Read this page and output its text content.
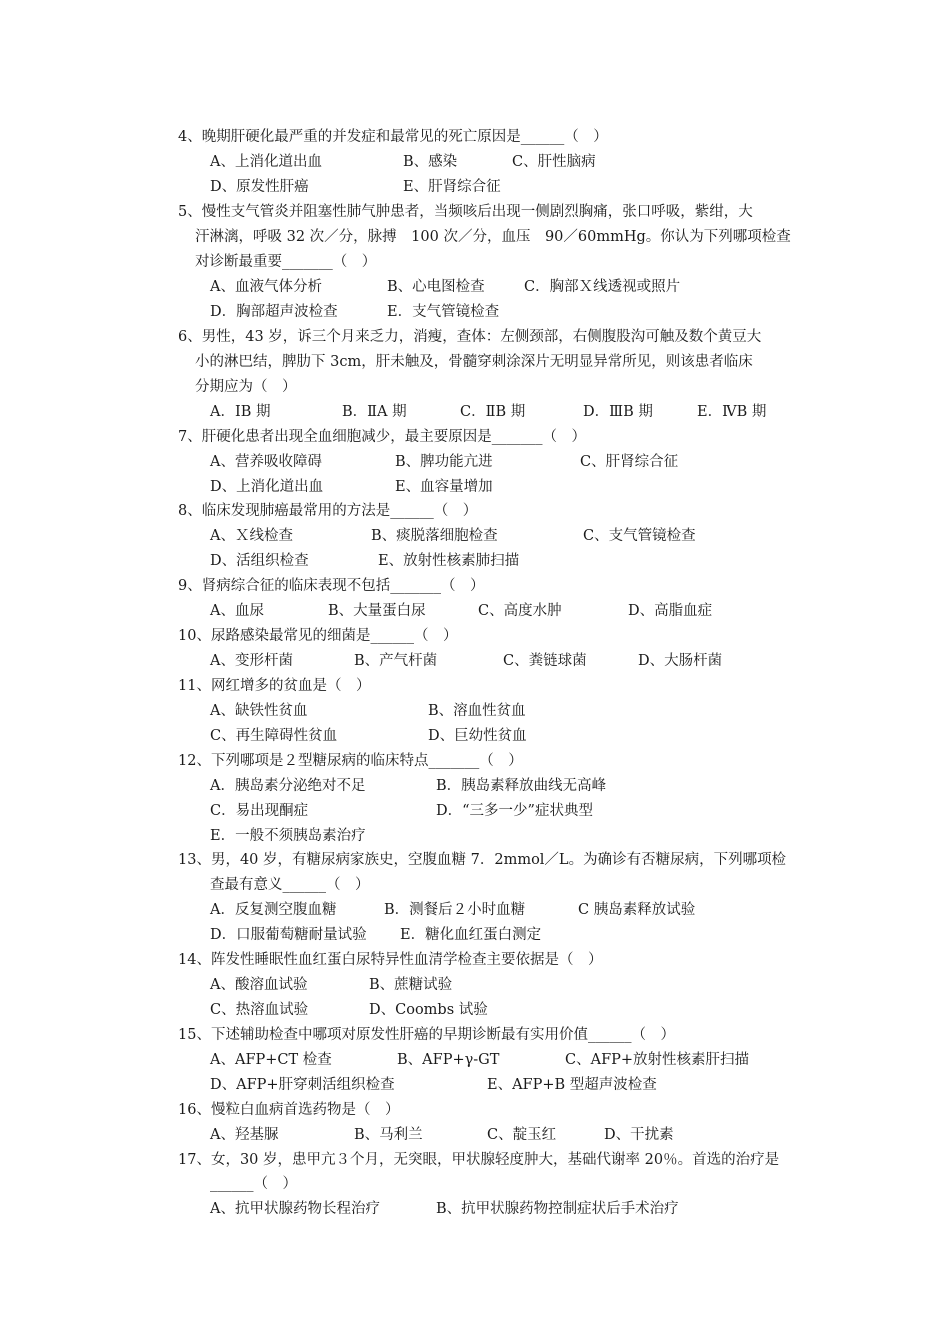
4、晚期肝硬化最严重的并发症和最常见的死亡原因是______（　）
A、上消化道出血	B、感染	C、肝性脑病
D、原发性肝癌	E、肝肾综合征
5、慢性支气管炎并阻塞性肺气肿患者，当频咳后出现一侧剧烈胸痛，张口呼吸，紫绀，大
汗淋漓，呼吸 32 次／分，脉搏　100 次／分，血压　90／60mmHg。你认为下列哪项检查
对诊断最重要_______（　）
A、血液气体分析	B、心电图检查	C．胸部Ｘ线透视或照片
D．胸部超声波检查	E．支气管镜检查
6、男性，43 岁，诉三个月来乏力，消瘦，查体：左侧颈部，右侧腹股沟可触及数个黄豆大
小的淋巴结，脾肋下 3cm，肝未触及，骨髓穿刺涂深片无明显异常所见，则该患者临床
分期应为（　）
A．ⅠB 期	B．ⅡA 期	C．ⅡB 期	D．ⅢB 期	E．ⅣB 期
7、肝硬化患者出现全血细胞减少，最主要原因是_______（　）
A、营养吸收障碍	B、脾功能亢进	C、肝肾综合征
D、上消化道出血	E、血容量增加
8、临床发现肺癌最常用的方法是______（　）
A、Ｘ线检查	B、痰脱落细胞检查	C、支气管镜检查
D、活组织检查	E、放射性核素肺扫描
9、肾病综合征的临床表现不包括_______（　）
A、血尿	B、大量蛋白尿	C、高度水肿	D、高脂血症
10、尿路感染最常见的细菌是______（　）
A、变形杆菌	B、产气杆菌	C、粪链球菌	D、大肠杆菌
11、网红增多的贫血是（　）
A、缺铁性贫血	B、溶血性贫血
C、再生障碍性贫血	D、巨幼性贫血
12、下列哪项是２型糖尿病的临床特点_______（　）
A．胰岛素分泌绝对不足	B．胰岛素释放曲线无高峰
C．易出现酮症	D．“三多一少”症状典型
E．一般不须胰岛素治疗
13、男，40 岁，有糖尿病家族史，空腹血糖 7．2mmol／L。为确诊有否糖尿病，下列哪项检
查最有意义______（　）
A．反复测空腹血糖	B．测餐后２小时血糖	C 胰岛素释放试验
D．口服葡萄糖耐量试验 E．糖化血红蛋白测定
14、阵发性睡眠性血红蛋白尿特异性血清学检查主要依据是（　）
A、酸溶血试验	B、蔗糖试验
C、热溶血试验	D、Coombs 试验
15、下述辅助检查中哪项对原发性肝癌的早期诊断最有实用价值______（　）
A、AFP+CT 检查	B、AFP+γ-GT	C、AFP+放射性核素肝扫描
D、AFP+肝穿刺活组织检查	E、AFP+B 型超声波检查
16、慢粒白血病首选药物是（　）
A、羟基脲	B、马利兰	C、靛玉红	D、干扰素
17、女，30 岁，患甲亢３个月，无突眼，甲状腺轻度肿大，基础代谢率 20％。首选的治疗是
______（　）
A、抗甲状腺药物长程治疗	B、抗甲状腺药物控制症状后手术治疗
